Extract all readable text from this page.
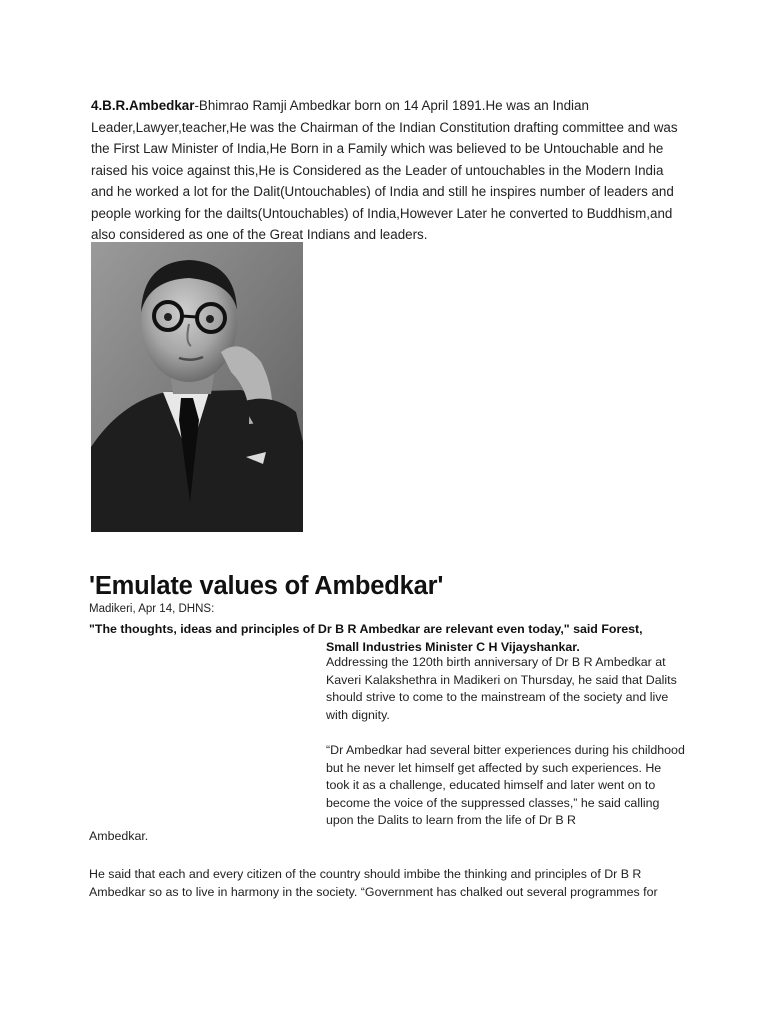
4.B.R.Ambedkar-Bhimrao Ramji Ambedkar born on 14 April 1891.He was an Indian Leader,Lawyer,teacher,He was the Chairman of the Indian Constitution drafting committee and was the First Law Minister of India,He Born in a Family which was believed to be Untouchable and he raised his voice against this,He is Considered as the Leader of untouchables in the Modern India and he worked a lot for the Dalit(Untouchables) of India and still he inspires number of leaders and people working for the dailts(Untouchables) of India,However Later he converted to Buddhism,and also considered as one of the Great Indians and leaders.

'Emulate values of Ambedkar'
Madikeri, Apr 14, DHNS:
"The thoughts, ideas and principles of Dr B R Ambedkar are relevant even today," said Forest,
Small Industries Minister C H Vijayshankar.

Addressing the 120th birth anniversary of Dr B R Ambedkar at Kaveri Kalakshethra in Madikeri on Thursday, he said that Dalits should strive to come to the mainstream of the society and live with dignity.

“Dr Ambedkar had several bitter experiences during his childhood but he never let himself get affected by such experiences. He took it as a challenge, educated himself and later went on to become the voice of the suppressed classes,” he said calling upon the Dalits to learn from the life of Dr B R

Ambedkar.

He said that each and every citizen of the country should imbibe the thinking and principles of Dr B R Ambedkar so as to live in harmony in the society. “Government has chalked out several programmes for
